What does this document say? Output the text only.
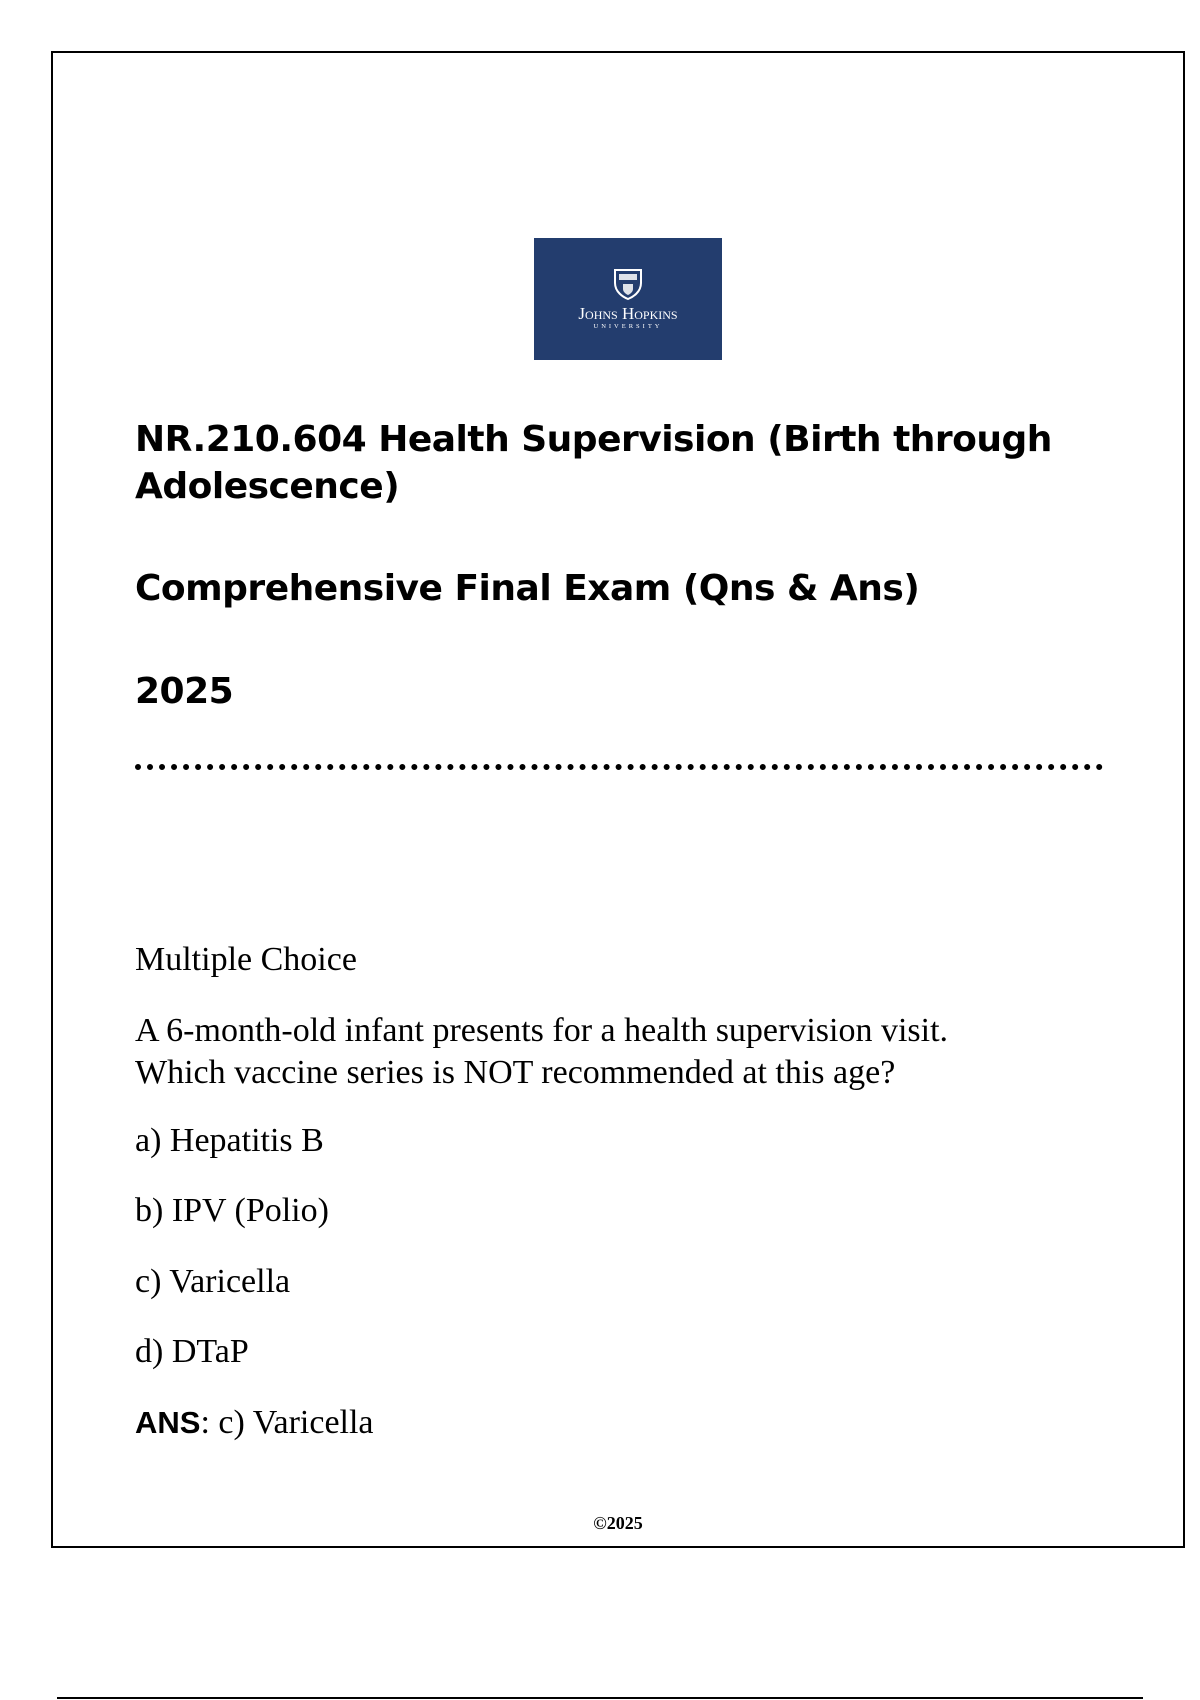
Johns Hopkins
UNIVERSITY
NR.210.604 Health Supervision (Birth through Adolescence)
Comprehensive Final Exam (Qns & Ans)
2025

Multiple Choice

A 6-month-old infant presents for a health supervision visit. Which vaccine series is NOT recommended at this age?

a) Hepatitis B

b) IPV (Polio)

c) Varicella

d) DTaP

ANS: c) Varicella

©2025
